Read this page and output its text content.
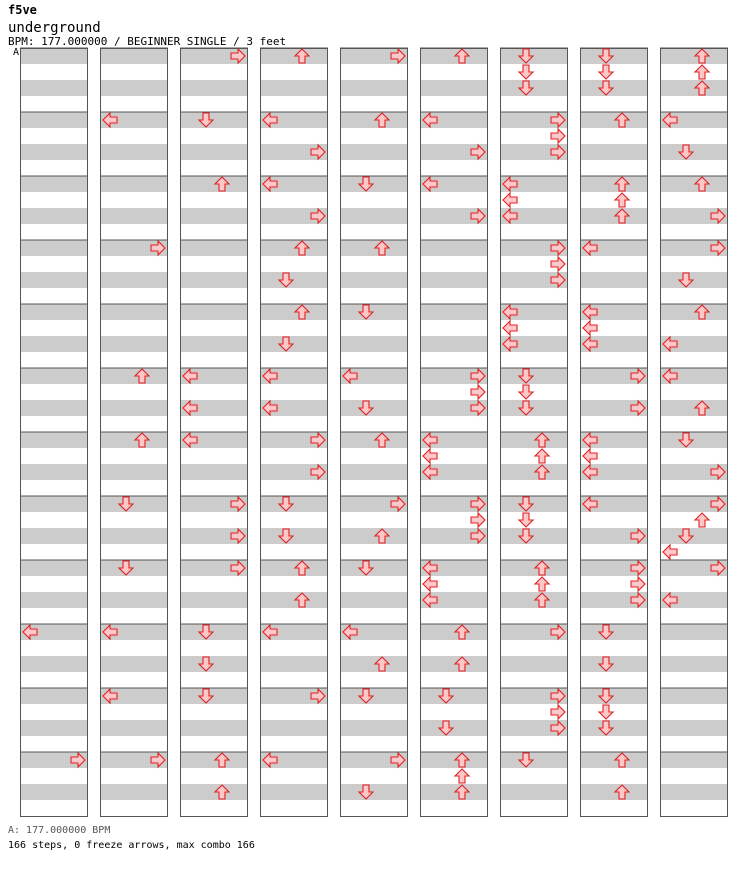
f5ve
underground
BPM: 177.000000 / BEGINNER SINGLE / 3 feet
A
A: 177.000000 BPM
166 steps, 0 freeze arrows, max combo 166
